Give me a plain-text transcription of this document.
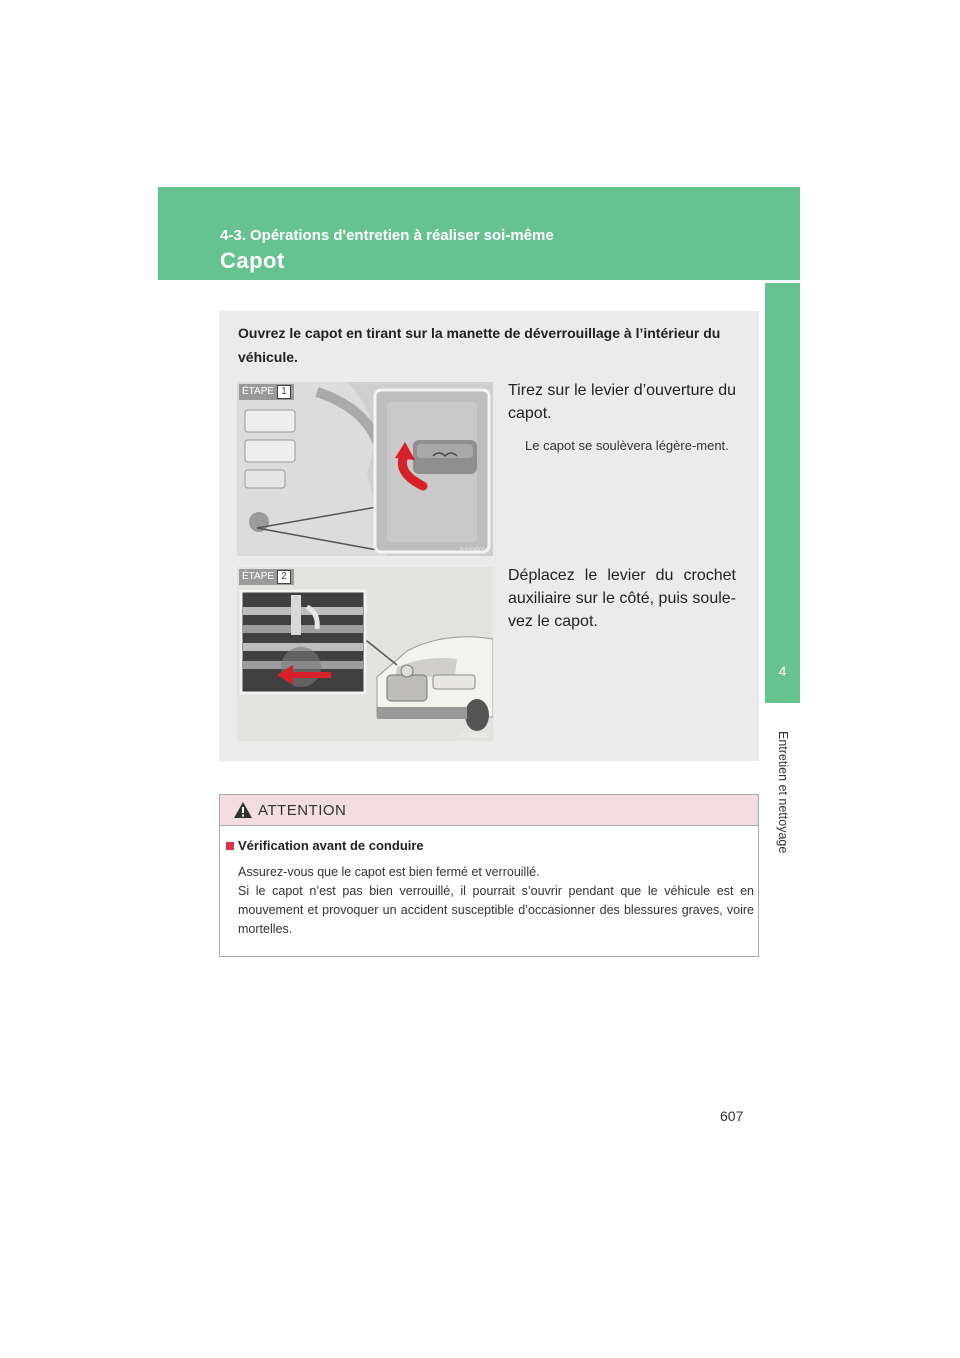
4-3. Opérations d'entretien à réaliser soi-même
Capot
4
Entretien et nettoyage
Ouvrez le capot en tirant sur la manette de déverrouillage à l’intérieur du véhicule.
ÉTAPE 1
ILY43F001
Tirez sur le levier d’ouverture du capot.
Le capot se soulèvera légère-ment.
ÉTAPE 2
ILY43F002
Déplacez le levier du crochet auxiliaire sur le côté, puis soule-vez le capot.
ATTENTION
Vérification avant de conduire

Assurez-vous que le capot est bien fermé et verrouillé.

Si le capot n’est pas bien verrouillé, il pourrait s’ouvrir pendant que le véhicule est en mouvement et provoquer un accident susceptible d’occasionner des blessures graves, voire mortelles.

607
